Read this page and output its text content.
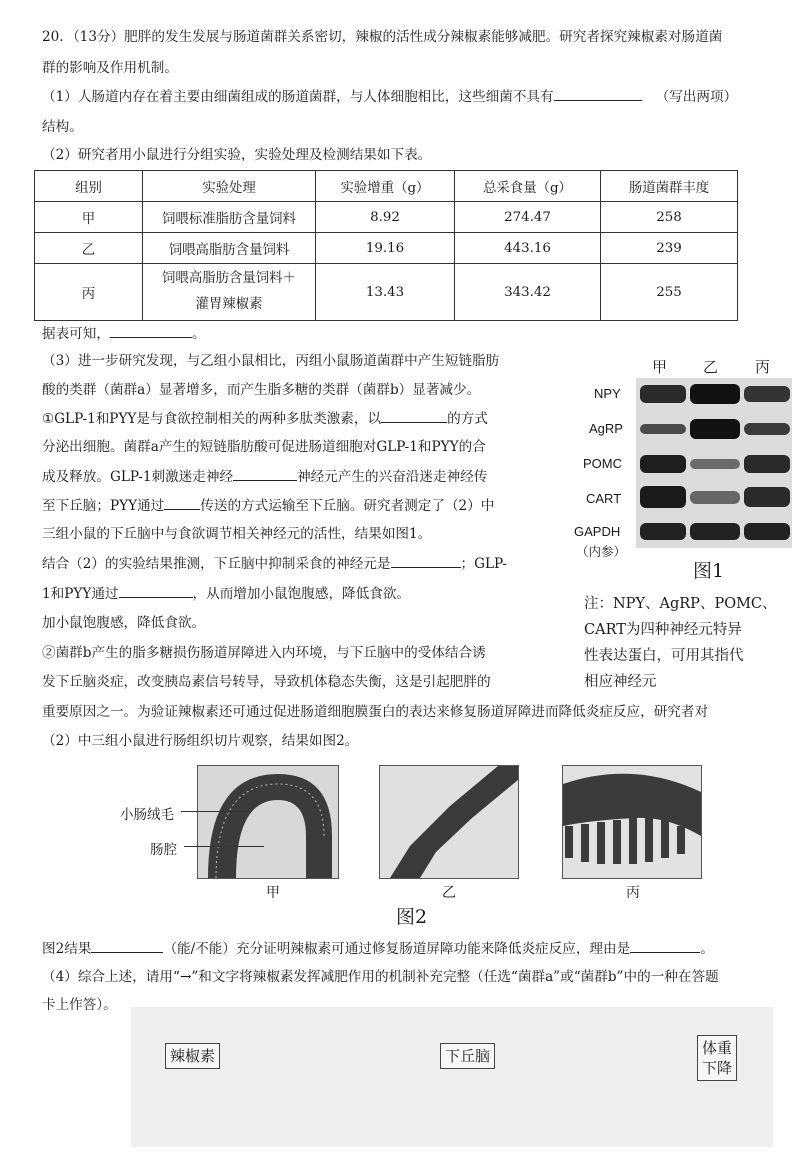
20．（13分）肥胖的发生发展与肠道菌群关系密切，辣椒的活性成分辣椒素能够减肥。研究者探究辣椒素对肠道菌
群的影响及作用机制。
（1）人肠道内存在着主要由细菌组成的肠道菌群，与人体细胞相比，这些细菌不具有	（写出两项）
结构。
（2）研究者用小鼠进行分组实验，实验处理及检测结果如下表。
组别	实验处理	实验增重（g）	总采食量（g）	肠道菌群丰度
甲	饲喂标准脂肪含量饲料	8.92	274.47	258
乙	饲喂高脂肪含量饲料	19.16	443.16	239
丙	饲喂高脂肪含量饲料＋
灌胃辣椒素	13.43	343.42	255
据表可知，	。
（3）进一步研究发现，与乙组小鼠相比，丙组小鼠肠道菌群中产生短链脂肪
酸的类群（菌群a）显著增多，而产生脂多糖的类群（菌群b）显著减少。
①GLP-1和PYY是与食欲控制相关的两种多肽类激素，以	的方式
分泌出细胞。菌群a产生的短链脂肪酸可促进肠道细胞对GLP-1和PYY的合
成及释放。GLP-1刺激迷走神经	神经元产生的兴奋沿迷走神经传
至下丘脑；PYY通过	传送的方式运输至下丘脑。研究者测定了（2）中
三组小鼠的下丘脑中与食欲调节相关神经元的活性，结果如图1。
结合（2）的实验结果推测，下丘脑中抑制采食的神经元是	；GLP-
1和PYY通过	，从而增加小鼠饱腹感，降低食欲。
加小鼠饱腹感，降低食欲。
②菌群b产生的脂多糖损伤肠道屏障进入内环境，与下丘脑中的受体结合诱
发下丘脑炎症，改变胰岛素信号转导，导致机体稳态失衡，这是引起肥胖的
重要原因之一。为验证辣椒素还可通过促进肠道细胞膜蛋白的表达来修复肠道屏障进而降低炎症反应，研究者对
（2）中三组小鼠进行肠组织切片观察，结果如图2。
甲 乙 丙
NPY
AgRP
POMC
CART
GAPDH
（内参）
图1
注：NPY、AgRP、POMC、
CART为四种神经元特异
性表达蛋白，可用其指代
相应神经元
小肠绒毛
肠腔
甲	乙	丙
图2
图2结果	（能/不能）充分证明辣椒素可通过修复肠道屏障功能来降低炎症反应，理由是	。
（4）综合上述，请用“→”和文字将辣椒素发挥减肥作用的机制补充完整（任选“菌群a”或“菌群b”中的一种在答题
卡上作答）。
辣椒素	下丘脑	体重
下降
